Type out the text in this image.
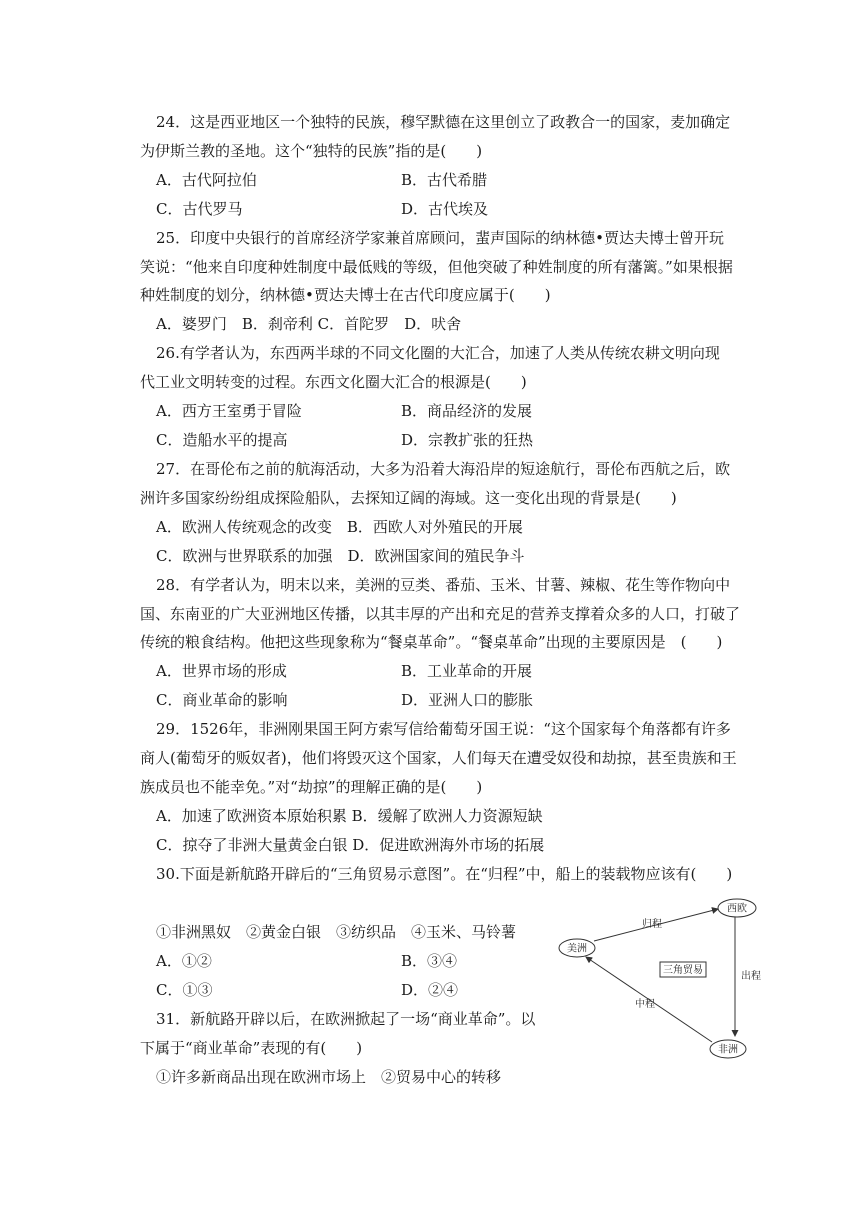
24．这是西亚地区一个独特的民族，穆罕默德在这里创立了政教合一的国家，麦加确定
为伊斯兰教的圣地。这个“独特的民族”指的是(　　)
A．古代阿拉伯	B．古代希腊
C．古代罗马	D．古代埃及
25．印度中央银行的首席经济学家兼首席顾问，蜚声国际的纳林德•贾达夫博士曾开玩
笑说：“他来自印度种姓制度中最低贱的等级，但他突破了种姓制度的所有藩篱。”如果根据
种姓制度的划分，纳林德•贾达夫博士在古代印度应属于(　　)
A．婆罗门　B．刹帝利 C．首陀罗　D．吠舍
26.有学者认为，东西两半球的不同文化圈的大汇合，加速了人类从传统农耕文明向现
代工业文明转变的过程。东西文化圈大汇合的根源是(　　)
A．西方王室勇于冒险	B．商品经济的发展
C．造船水平的提高	D．宗教扩张的狂热
27．在哥伦布之前的航海活动，大多为沿着大海沿岸的短途航行，哥伦布西航之后，欧
洲许多国家纷纷组成探险船队，去探知辽阔的海域。这一变化出现的背景是(　　)
A．欧洲人传统观念的改变　B．西欧人对外殖民的开展
C．欧洲与世界联系的加强　D．欧洲国家间的殖民争斗
28．有学者认为，明末以来，美洲的豆类、番茄、玉米、甘薯、辣椒、花生等作物向中
国、东南亚的广大亚洲地区传播，以其丰厚的产出和充足的营养支撑着众多的人口，打破了
传统的粮食结构。他把这些现象称为“餐桌革命”。“餐桌革命”出现的主要原因是　(　　)
A．世界市场的形成	B．工业革命的开展
C．商业革命的影响	D．亚洲人口的膨胀
29．1526年，非洲刚果国王阿方索写信给葡萄牙国王说：“这个国家每个角落都有许多
商人(葡萄牙的贩奴者)，他们将毁灭这个国家，人们每天在遭受奴役和劫掠，甚至贵族和王
族成员也不能幸免。”对“劫掠”的理解正确的是(　　)
A．加速了欧洲资本原始积累 B．缓解了欧洲人力资源短缺
C．掠夺了非洲大量黄金白银 D．促进欧洲海外市场的拓展
30.下面是新航路开辟后的“三角贸易示意图”。在“归程”中，船上的装载物应该有(　　)
①非洲黑奴　②黄金白银　③纺织品　④玉米、马铃薯
A．①②	B．③④
C．①③	D．②④
31．新航路开辟以后，在欧洲掀起了一场“商业革命”。以
下属于“商业革命”表现的有(　　)
①许多新商品出现在欧洲市场上　②贸易中心的转移
西欧
美洲
非洲
归程
出程
中程
三角贸易
